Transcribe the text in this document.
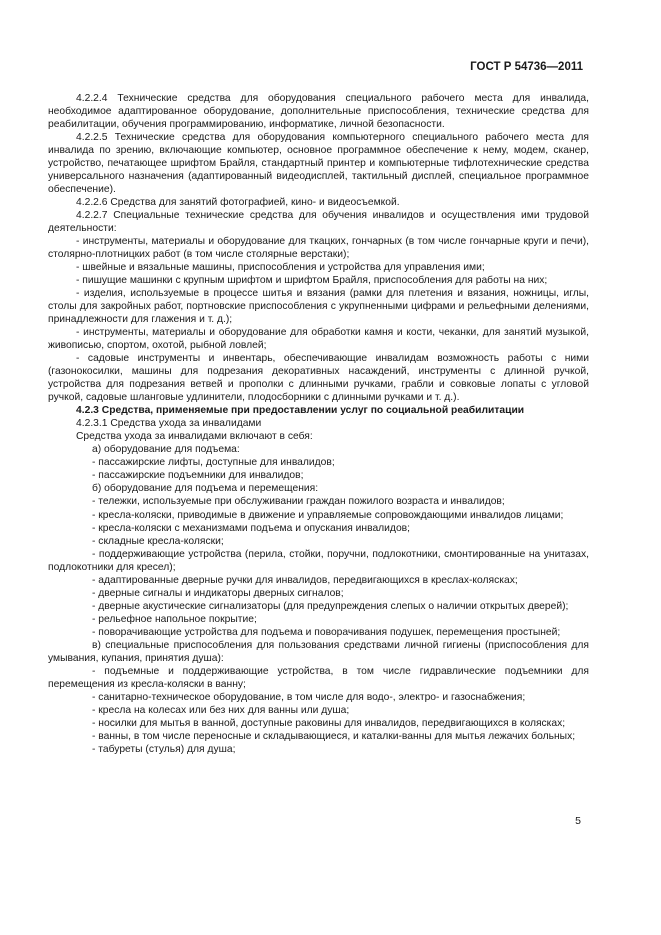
ГОСТ Р 54736—2011

4.2.2.4 Технические средства для оборудования специального рабочего места для инвалида, необходимое адаптированное оборудование, дополнительные приспособления, технические средства для реабилитации, обучения программированию, информатике, личной безопасности.

4.2.2.5 Технические средства для оборудования компьютерного специального рабочего места для инвалида по зрению, включающие компьютер, основное программное обеспечение к нему, модем, сканер, устройство, печатающее шрифтом Брайля, стандартный принтер и компьютерные тифлотехнические средства универсального назначения (адаптированный видеодисплей, тактильный дисплей, специальное программное обеспечение).

4.2.2.6 Средства для занятий фотографией, кино- и видеосъемкой.

4.2.2.7 Специальные технические средства для обучения инвалидов и осуществления ими трудовой деятельности:

- инструменты, материалы и оборудование для ткацких, гончарных (в том числе гончарные круги и печи), столярно-плотницких работ (в том числе столярные верстаки);

- швейные и вязальные машины, приспособления и устройства для управления ими;

- пишущие машинки с крупным шрифтом и шрифтом Брайля, приспособления для работы на них;

- изделия, используемые в процессе шитья и вязания (рамки для плетения и вязания, ножницы, иглы, столы для закройных работ, портновские приспособления с укрупненными цифрами и рельефными делениями, принадлежности для глажения и т. д.);

- инструменты, материалы и оборудование для обработки камня и кости, чеканки, для занятий музыкой, живописью, спортом, охотой, рыбной ловлей;

- садовые инструменты и инвентарь, обеспечивающие инвалидам возможность работы с ними (газонокосилки, машины для подрезания декоративных насаждений, инструменты с длинной ручкой, устройства для подрезания ветвей и прополки с длинными ручками, грабли и совковые лопаты с угловой ручкой, садовые шланговые удлинители, плодосборники с длинными ручками и т. д.).

4.2.3 Средства, применяемые при предоставлении услуг по социальной реабилитации

4.2.3.1 Средства ухода за инвалидами

Средства ухода за инвалидами включают в себя:

а) оборудование для подъема:

- пассажирские лифты, доступные для инвалидов;

- пассажирские подъемники для инвалидов;

б) оборудование для подъема и перемещения:

- тележки, используемые при обслуживании граждан пожилого возраста и инвалидов;

- кресла-коляски, приводимые в движение и управляемые сопровождающими инвалидов лицами;

- кресла-коляски с механизмами подъема и опускания инвалидов;

- складные кресла-коляски;

- поддерживающие устройства (перила, стойки, поручни, подлокотники, смонтированные на унитазах, подлокотники для кресел);

- адаптированные дверные ручки для инвалидов, передвигающихся в креслах-колясках;

- дверные сигналы и индикаторы дверных сигналов;

- дверные акустические сигнализаторы (для предупреждения слепых о наличии открытых дверей);

- рельефное напольное покрытие;

- поворачивающие устройства для подъема и поворачивания подушек, перемещения простыней;

в) специальные приспособления для пользования средствами личной гигиены (приспособления для умывания, купания, принятия душа):

- подъемные и поддерживающие устройства, в том числе гидравлические подъемники для перемещения из кресла-коляски в ванну;

- санитарно-техническое оборудование, в том числе для водо-, электро- и газоснабжения;

- кресла на колесах или без них для ванны или душа;

- носилки для мытья в ванной, доступные раковины для инвалидов, передвигающихся в колясках;

- ванны, в том числе переносные и складывающиеся, и каталки-ванны для мытья лежачих больных;

- табуреты (стулья) для душа;

5
